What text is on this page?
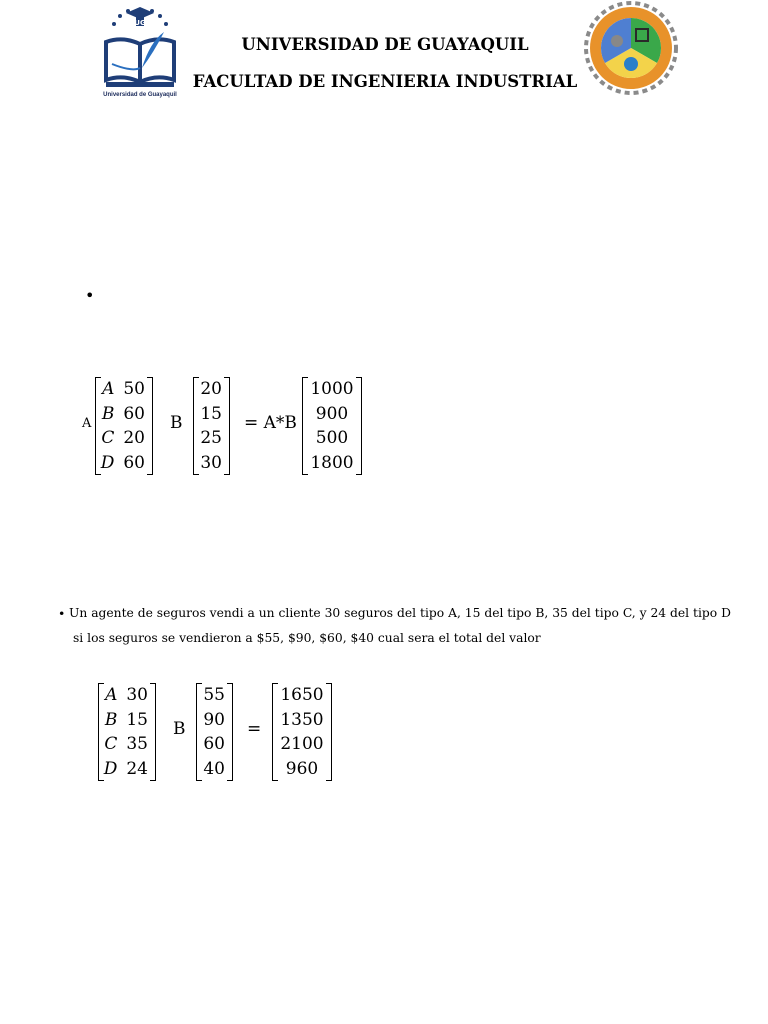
UG
Universidad de Guayaquil
UNIVERSIDAD DE GUAYAQUIL
FACULTAD DE INGENIERIA INDUSTRIAL
•
A
A 50
B 60
C 20
D 60
B
20
15
25
30
= A*B
1000
900
500
1800
• Un agente de seguros vendi a un cliente 30 seguros del tipo A, 15 del tipo B, 35 del tipo C, y 24 del tipo D
si los seguros se vendieron a $55, $90, $60, $40 cual sera el total del valor
A 30
B 15
C 35
D 24
B
55
90
60
40
=
1650
1350
2100
960
